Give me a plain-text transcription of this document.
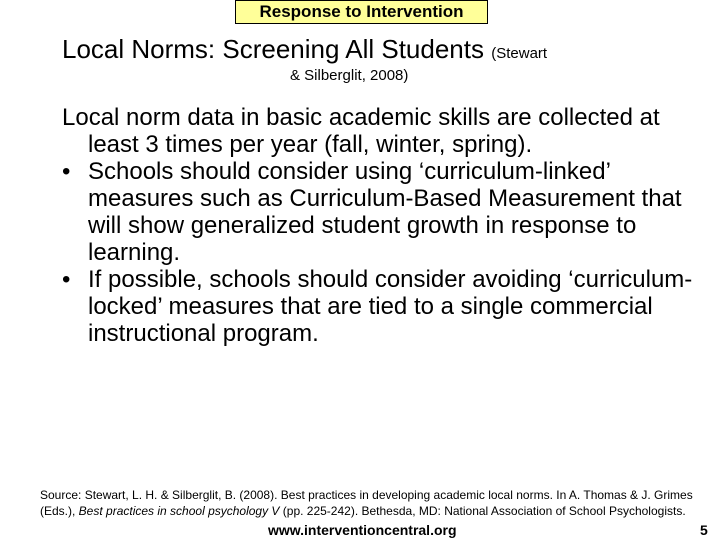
Response to Intervention
Local Norms: Screening All Students (Stewart
& Silberglit, 2008)

Local norm data in basic academic skills are collected at least 3 times per year (fall, winter, spring).

• Schools should consider using ‘curriculum-linked’ measures such as Curriculum-Based Measurement that will show generalized student growth in response to learning.

• If possible, schools should consider avoiding ‘curriculum-locked’ measures that are tied to a single commercial instructional program.

Source: Stewart, L. H. & Silberglit, B. (2008). Best practices in developing academic local norms. In A. Thomas & J. Grimes (Eds.), Best practices in school psychology V (pp. 225-242). Bethesda, MD: National Association of School Psychologists.
www.interventioncentral.org	5
